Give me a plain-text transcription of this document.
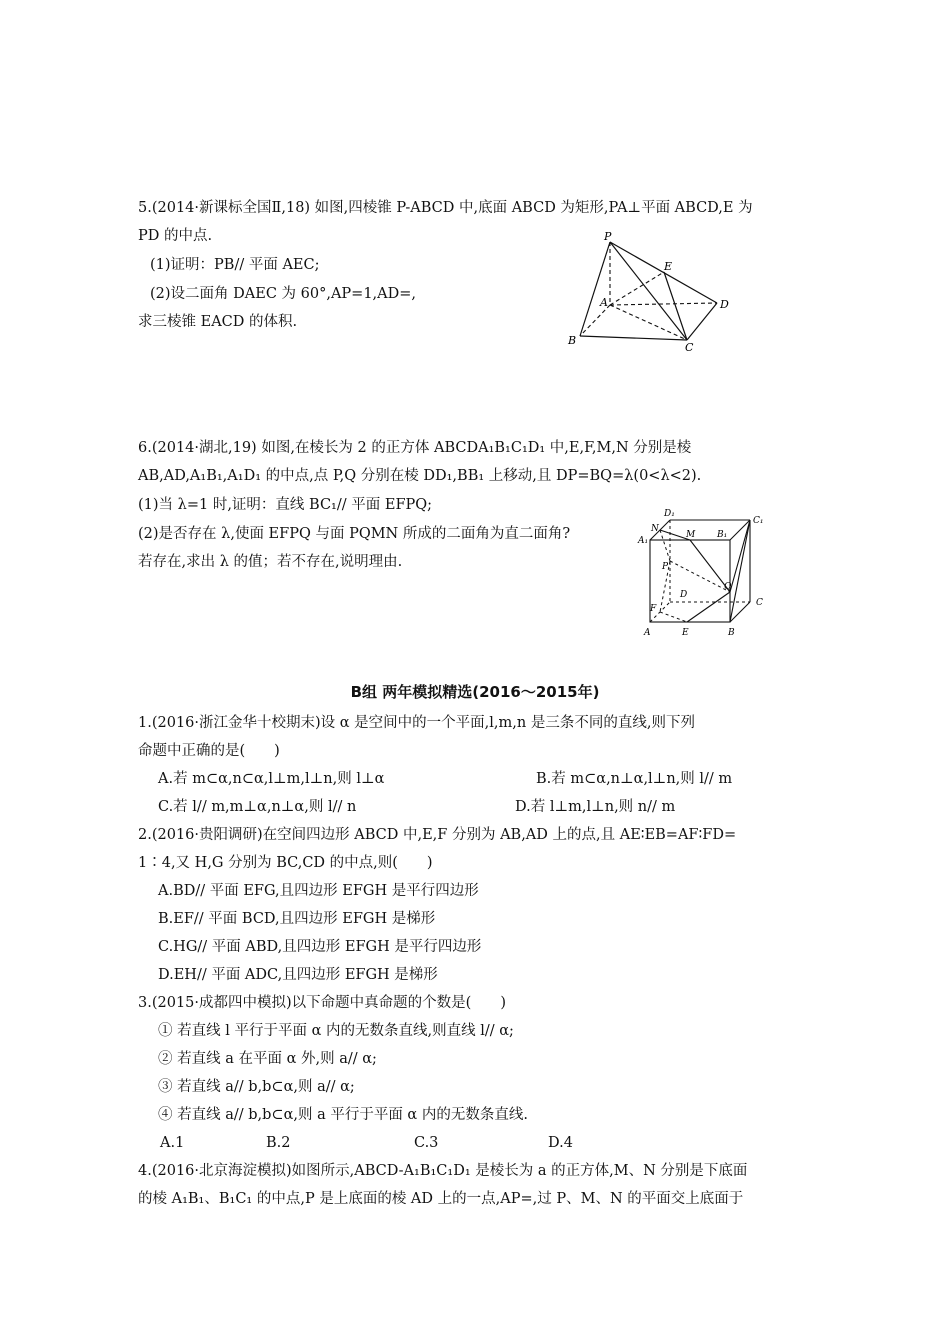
5.(2014·新课标全国Ⅱ,18) 如图,四棱锥 P-ABCD 中,底面 ABCD 为矩形,PA⊥平面 ABCD,E 为
PD 的中点.
(1)证明：PB// 平面 AEC;
(2)设二面角 DAEC 为 60°,AP=1,AD=,
求三棱锥 EACD 的体积.
P
E
A	D
B
C
6.(2014·湖北,19) 如图,在棱长为 2 的正方体 ABCDA₁B₁C₁D₁ 中,E,F,M,N 分别是棱
AB,AD,A₁B₁,A₁D₁ 的中点,点 P,Q 分别在棱 DD₁,BB₁ 上移动,且 DP=BQ=λ(0<λ<2).
(1)当 λ=1 时,证明：直线 BC₁// 平面 EFPQ;
(2)是否存在 λ,使面 EFPQ 与面 PQMN 所成的二面角为直二面角?
若存在,求出 λ 的值；若不存在,说明理由.
D₁
C₁
N
A₁
M B₁
P
D
Q
C
F
A	E	B
B组 两年模拟精选(2016～2015年)
1.(2016·浙江金华十校期末)设 α 是空间中的一个平面,l,m,n 是三条不同的直线,则下列
命题中正确的是(　　)
A.若 m⊂α,n⊂α,l⊥m,l⊥n,则 l⊥α	B.若 m⊂α,n⊥α,l⊥n,则 l// m
C.若 l// m,m⊥α,n⊥α,则 l// n	D.若 l⊥m,l⊥n,则 n// m
2.(2016·贵阳调研)在空间四边形 ABCD 中,E,F 分别为 AB,AD 上的点,且 AE∶EB=AF∶FD=
1∶4,又 H,G 分别为 BC,CD 的中点,则(　　)
A.BD// 平面 EFG,且四边形 EFGH 是平行四边形
B.EF// 平面 BCD,且四边形 EFGH 是梯形
C.HG// 平面 ABD,且四边形 EFGH 是平行四边形
D.EH// 平面 ADC,且四边形 EFGH 是梯形
3.(2015·成都四中模拟)以下命题中真命题的个数是(　　)
① 若直线 l 平行于平面 α 内的无数条直线,则直线 l// α;
② 若直线 a 在平面 α 外,则 a// α;
③ 若直线 a// b,b⊂α,则 a// α;
④ 若直线 a// b,b⊂α,则 a 平行于平面 α 内的无数条直线.
A.1	B.2	C.3	D.4
4.(2016·北京海淀模拟)如图所示,ABCD-A₁B₁C₁D₁ 是棱长为 a 的正方体,M、N 分别是下底面
的棱 A₁B₁、B₁C₁ 的中点,P 是上底面的棱 AD 上的一点,AP=,过 P、M、N 的平面交上底面于
